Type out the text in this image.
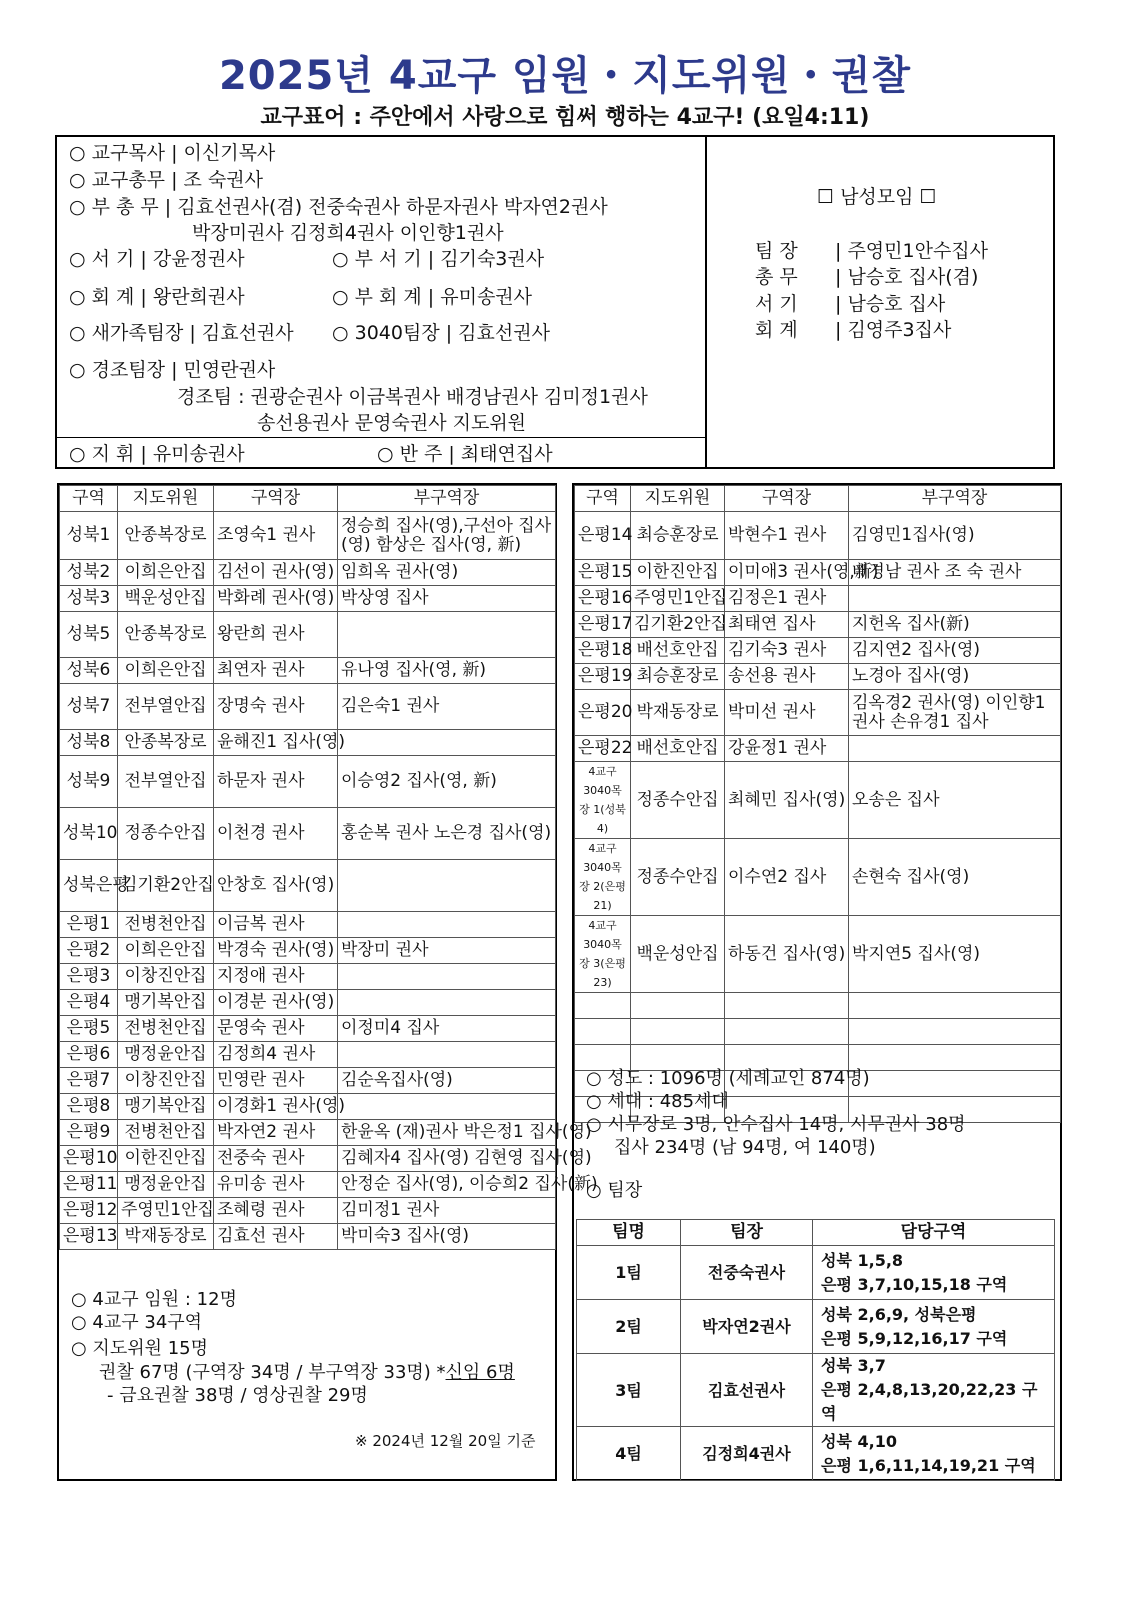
2025년 4교구 임원・지도위원・권찰
교구표어 : 주안에서 사랑으로 힘써 행하는 4교구! (요일4:11)
○ 교구목사 | 이신기목사
○ 교구총무 | 조 숙권사
○ 부 총 무 | 김효선권사(겸) 전중숙권사 하문자권사 박자연2권사
박장미권사 김정희4권사 이인향1권사
○ 서 기 | 강윤정권사	○ 부 서 기 | 김기숙3권사
○ 회 계 | 왕란희권사	○ 부 회 계 | 유미송권사
○ 새가족팀장 | 김효선권사 ○ 3040팀장 | 김효선권사
○ 경조팀장 | 민영란권사
경조팀 : 권광순권사 이금복권사 배경남권사 김미정1권사
송선용권사 문영숙권사 지도위원
○ 지 휘 | 유미송권사	○ 반 주 | 최태연집사
☐ 남성모임 ☐
팀 장 | 주영민1안수집사
총 무 | 남승호 집사(겸)
서 기 | 남승호 집사
회 계 | 김영주3집사
구역	지도위원	구역장	부구역장
성북1	안종복장로	조영숙1 권사	정승희 집사(영),구선아 집사(영) 함상은 집사(영, 新)
성북2	이희은안집	김선이 권사(영)	임희옥 권사(영)
성북3	백운성안집	박화례 권사(영)	박상영 집사
성북5	안종복장로	왕란희 권사	
성북6	이희은안집	최연자 권사	유나영 집사(영, 新)
성북7	전부열안집	장명숙 권사	김은숙1 권사
성북8	안종복장로	윤해진1 집사(영)	
성북9	전부열안집	하문자 권사	이승영2 집사(영, 新)
성북10	정종수안집	이천경 권사	홍순복 권사 노은경 집사(영)
성북은평	김기환2안집	안창호 집사(영)	
은평1	전병천안집	이금복 권사	
은평2	이희은안집	박경숙 권사(영)	박장미 권사
은평3	이창진안집	지정애 권사	
은평4	맹기복안집	이경분 권사(영)	
은평5	전병천안집	문영숙 권사	이정미4 집사
은평6	맹정윤안집	김정희4 권사	
은평7	이창진안집	민영란 권사	김순옥집사(영)
은평8	맹기복안집	이경화1 권사(영)	
은평9	전병천안집	박자연2 권사	한윤옥 (재)권사 박은정1 집사(영)
은평10	이한진안집	전중숙 권사	김혜자4 집사(영) 김현영 집사(영)
은평11	맹정윤안집	유미송 권사	안정순 집사(영), 이승희2 집사(新)
은평12	주영민1안집	조혜령 권사	김미정1 권사
은평13	박재동장로	김효선 권사	박미숙3 집사(영)
○ 4교구 임원 : 12명
○ 4교구 34구역
○ 지도위원 15명
권찰 67명 (구역장 34명 / 부구역장 33명) *신임 6명
- 금요권찰 38명 / 영상권찰 29명
※ 2024년 12월 20일 기준
구역	지도위원	구역장	부구역장
은평14	최승훈장로	박현수1 권사	김영민1집사(영)
은평15	이한진안집	이미애3 권사(영,新)	배경남 권사 조 숙 권사
은평16	주영민1안집	김정은1 권사	
은평17	김기환2안집	최태연 집사	지헌옥 집사(新)
은평18	배선호안집	김기숙3 권사	김지연2 집사(영)
은평19	최승훈장로	송선용 권사	노경아 집사(영)
은평20	박재동장로	박미선 권사	김옥경2 권사(영) 이인향1 권사 손유경1 집사
은평22	배선호안집	강윤정1 권사	
4교구 3040목장 1(성북4)	정종수안집	최혜민 집사(영)	오송은 집사
4교구 3040목장 2(은평21)	정종수안집	이수연2 집사	손현숙 집사(영)
4교구 3040목장 3(은평23)	백운성안집	하동건 집사(영)	박지연5 집사(영)

○ 성도 : 1096명 (세례교인 874명)
○ 세대 : 485세대
○ 시무장로 3명, 안수집사 14명, 시무권사 38명
집사 234명 (남 94명, 여 140명)
○ 팀장
팀명	팀장	담당구역
1팀	전중숙권사	성북 1,5,8
은평 3,7,10,15,18 구역

2팀	박자연2권사	성북 2,6,9, 성북은평
은평 5,9,12,16,17 구역

3팀	김효선권사	성북 3,7
은평 2,4,8,13,20,22,23 구역

4팀	김정희4권사	성북 4,10
은평 1,6,11,14,19,21 구역
